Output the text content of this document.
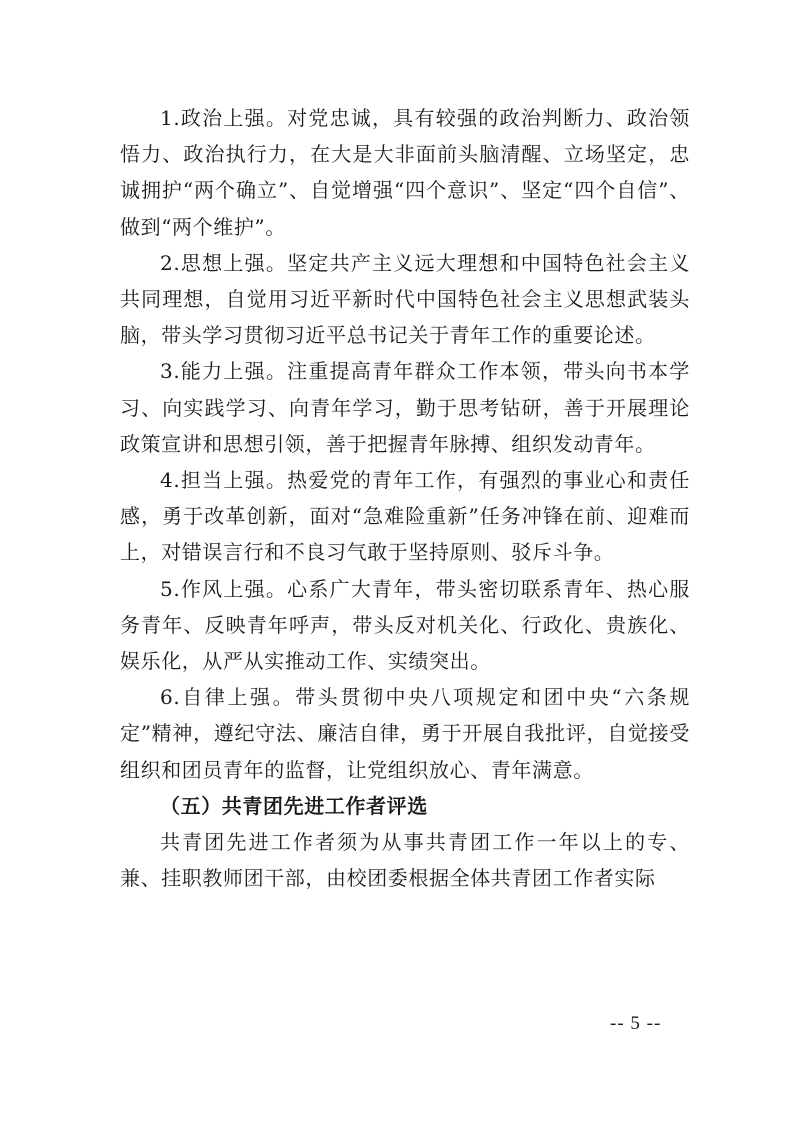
1.政治上强。对党忠诚，具有较强的政治判断力、政治领悟力、政治执行力，在大是大非面前头脑清醒、立场坚定，忠诚拥护“两个确立”、自觉增强“四个意识”、坚定“四个自信”、做到“两个维护”。

2.思想上强。坚定共产主义远大理想和中国特色社会主义共同理想，自觉用习近平新时代中国特色社会主义思想武装头脑，带头学习贯彻习近平总书记关于青年工作的重要论述。

3.能力上强。注重提高青年群众工作本领，带头向书本学习、向实践学习、向青年学习，勤于思考钻研，善于开展理论政策宣讲和思想引领，善于把握青年脉搏、组织发动青年。

4.担当上强。热爱党的青年工作，有强烈的事业心和责任感，勇于改革创新，面对“急难险重新”任务冲锋在前、迎难而上，对错误言行和不良习气敢于坚持原则、驳斥斗争。

5.作风上强。心系广大青年，带头密切联系青年、热心服务青年、反映青年呼声，带头反对机关化、行政化、贵族化、娱乐化，从严从实推动工作、实绩突出。

6.自律上强。带头贯彻中央八项规定和团中央“六条规定”精神，遵纪守法、廉洁自律，勇于开展自我批评，自觉接受组织和团员青年的监督，让党组织放心、青年满意。

（五）共青团先进工作者评选

共青团先进工作者须为从事共青团工作一年以上的专、兼、挂职教师团干部，由校团委根据全体共青团工作者实际

-- 5 --
